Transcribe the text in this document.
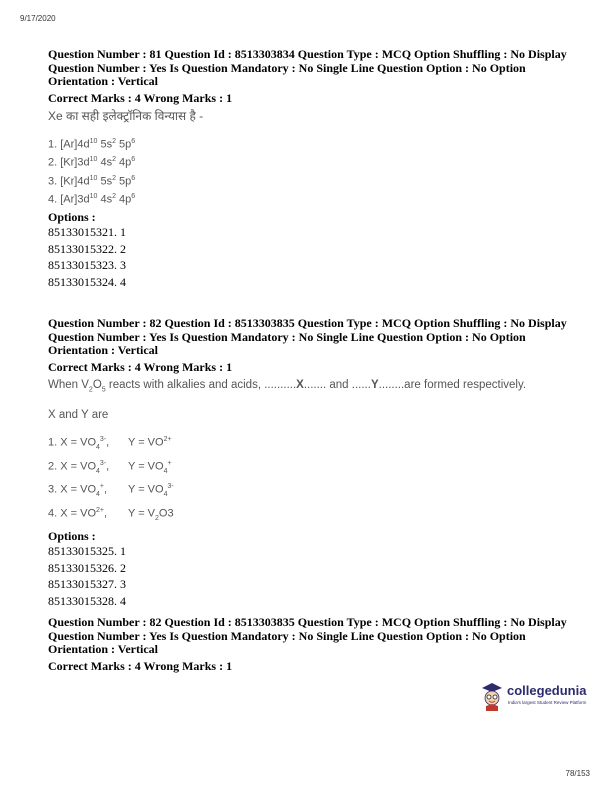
9/17/2020
Question Number : 81 Question Id : 8513303834 Question Type : MCQ Option Shuffling : No Display
Question Number : Yes Is Question Mandatory : No Single Line Question Option : No Option
Orientation : Vertical
Correct Marks : 4 Wrong Marks : 1
Xe का सही इलेक्ट्रॉनिक विन्यास है -
1. $[Ar]4d^{10}$ $5s^2$ $5p^6$
2. $[Kr]3d^{10}$ $4s^2$ $4p^6$
3. $[Kr]4d^{10}$ $5s^2$ $5p^6$
4. $[Ar]3d^{10}$ $4s^2$ $4p^6$
Options :
85133015321. 1
85133015322. 2
85133015323. 3
85133015324. 4
Question Number : 82 Question Id : 8513303835 Question Type : MCQ Option Shuffling : No Display
Question Number : Yes Is Question Mandatory : No Single Line Question Option : No Option
Orientation : Vertical
Correct Marks : 4 Wrong Marks : 1
When $V_2O_5$ reacts with alkalies and acids, ..........X....... and ......Y........are formed respectively.
X and Y are
1. $X = VO_4^{3-}$, $Y = VO^{2+}$
2. $X = VO_4^{3-}$, $Y = VO_4^+$
3. $X = VO_4^+$, $Y = VO_4^{3-}$
4. $X = VO^{2+}$, $Y = V_2O3$
Options :
85133015325. 1
85133015326. 2
85133015327. 3
85133015328. 4
Question Number : 82 Question Id : 8513303835 Question Type : MCQ Option Shuffling : No Display
Question Number : Yes Is Question Mandatory : No Single Line Question Option : No Option
Orientation : Vertical
Correct Marks : 4 Wrong Marks : 1
collegedunia
India's largest Student Review Platform
78/153
